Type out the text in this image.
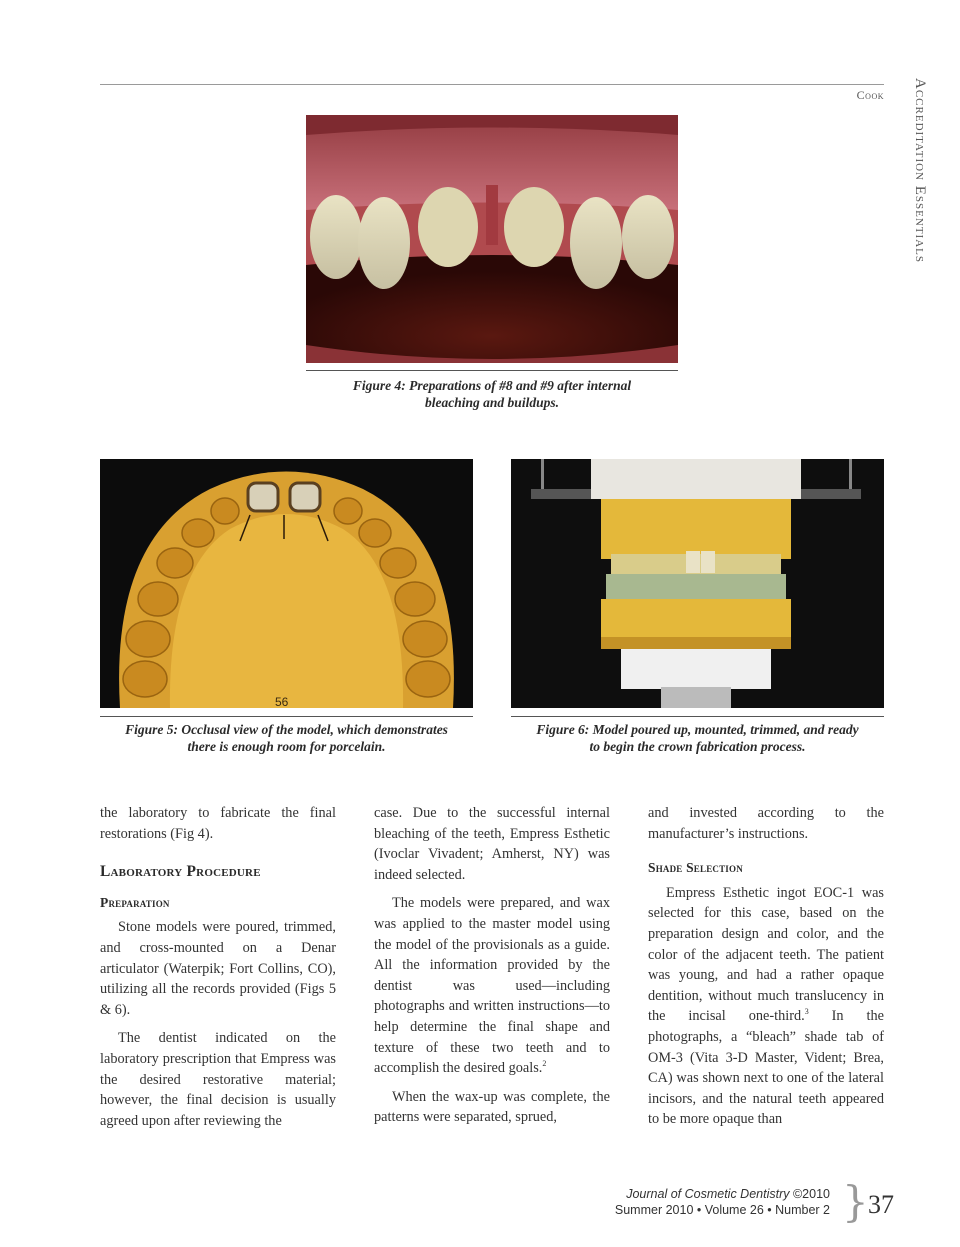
Cook	Accreditation Essentials
Figure 4: Preparations of #8 and #9 after internal
bleaching and buildups.
56
Figure 5: Occlusal view of the model, which demonstrates
there is enough room for porcelain.
Figure 6: Model poured up, mounted, trimmed, and ready
to begin the crown fabrication process.

the laboratory to fabricate the final restorations (Fig 4).

Laboratory Procedure
Preparation

Stone models were poured, trimmed, and cross-mounted on a Denar articulator (Waterpik; Fort Collins, CO), utilizing all the records provided (Figs 5 & 6).

The dentist indicated on the laboratory prescription that Empress was the desired restorative material; however, the final decision is usually agreed upon after reviewing the

case. Due to the successful internal bleaching of the teeth, Empress Esthetic (Ivoclar Vivadent; Amherst, NY) was indeed selected.

The models were prepared, and wax was applied to the master model using the model of the provisionals as a guide. All the information provided by the dentist was used—including photographs and written instructions—to help determine the final shape and texture of these two teeth and to accomplish the desired goals.$^2$

When the wax-up was complete, the patterns were separated, sprued,

and invested according to the manufacturer’s instructions.

Shade Selection

Empress Esthetic ingot EOC-1 was selected for this case, based on the preparation design and color, and the color of the adjacent teeth. The patient was young, and had a rather opaque dentition, without much translucency in the incisal one-third.$^3$ In the photographs, a “bleach” shade tab of OM-3 (Vita 3-D Master, Vident; Brea, CA) was shown next to one of the lateral incisors, and the natural teeth appeared to be more opaque than

Journal of Cosmetic Dentistry ©2010
Summer 2010 • Volume 26 • Number 2 } 37
